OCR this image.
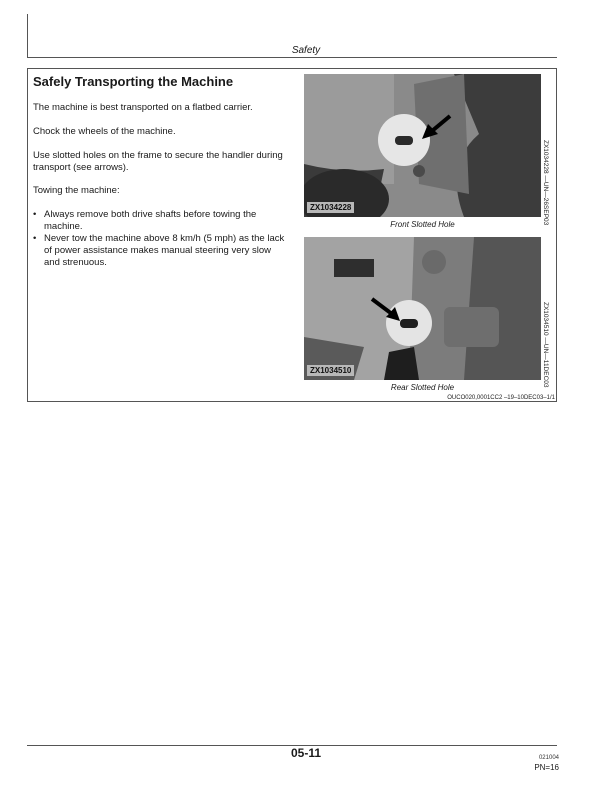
Safety
Safely Transporting the Machine

The machine is best transported on a flatbed carrier.

Chock the wheels of the machine.

Use slotted holes on the frame to secure the handler during transport (see arrows).

Towing the machine:

• Always remove both drive shafts before towing the machine.
• Never tow the machine above 8 km/h (5 mph) as the lack of power assistance makes manual steering very slow and strenuous.
ZX1034228	ZX1034228 —UN—26SEP03
Front Slotted Hole
ZX1034510	ZX1034510 —UN—11DEC03
Rear Slotted Hole
OUCO020,0001CC2 –19–10DEC03–1/1
05-11	021004
PN=16
